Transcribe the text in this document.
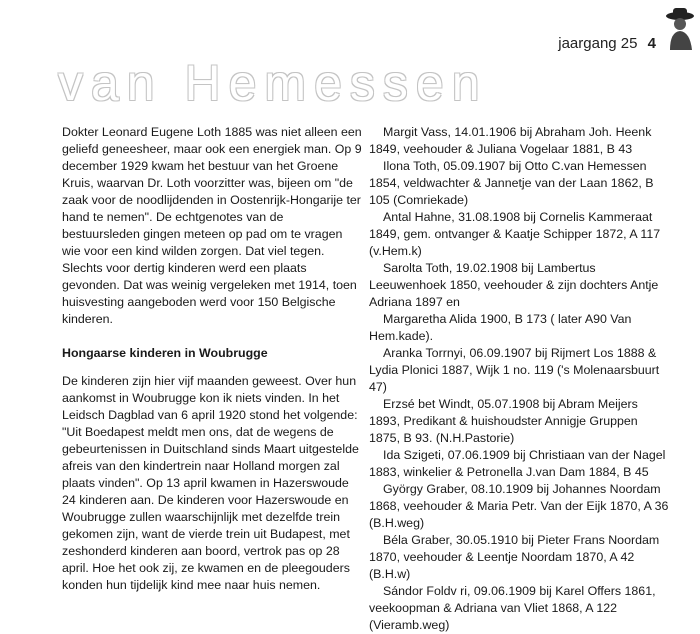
jaargang 25 4
van Hemessen

Dokter Leonard Eugene Loth 1885 was niet alleen een geliefd geneesheer, maar ook een energiek man. Op 9 december 1929 kwam het bestuur van het Groene Kruis, waarvan Dr. Loth voorzitter was, bijeen om "de zaak voor de noodlijdenden in Oostenrijk-Hongarije ter hand te nemen". De echtgenotes van de bestuursleden gingen meteen op pad om te vragen wie voor een kind wilden zorgen. Dat viel tegen. Slechts voor dertig kinderen werd een plaats gevonden. Dat was weinig vergeleken met 1914, toen huisvesting aangeboden werd voor 150 Belgische kinderen.

Hongaarse kinderen in Woubrugge

De kinderen zijn hier vijf maanden geweest. Over hun aankomst in Woubrugge kon ik niets vinden. In het Leidsch Dagblad van 6 april 1920 stond het volgende: "Uit Boedapest meldt men ons, dat de wegens de gebeurtenissen in Duitschland sinds Maart uitgestelde afreis van den kindertrein naar Holland morgen zal plaats vinden". Op 13 april kwamen in Hazerswoude 24 kinderen aan. De kinderen voor Hazerswoude en Woubrugge zullen waarschijnlijk met dezelfde trein gekomen zijn, want de vierde trein uit Budapest, met zeshonderd kinderen aan boord, vertrok pas op 28 april. Hoe het ook zij, ze kwamen en de pleegouders konden hun tijdelijk kind mee naar huis nemen.

Margit Vass, 14.01.1906 bij Abraham Joh. Heenk 1849, veehouder & Juliana Vogelaar 1881, B 43

Ilona Toth, 05.09.1907 bij Otto C.van Hemessen 1854, veldwachter & Jannetje van der Laan 1862, B 105 (Comriekade)

Antal Hahne, 31.08.1908 bij Cornelis Kammeraat 1849, gem. ontvanger & Kaatje Schipper 1872, A 117 (v.Hem.k)

Sarolta Toth, 19.02.1908 bij Lambertus Leeuwenhoek 1850, veehouder & zijn dochters Antje Adriana 1897 en

Margaretha Alida 1900, B 173 ( later A90 Van Hem.kade).

Aranka Torrnyi, 06.09.1907 bij Rijmert Los 1888 & Lydia Plonici 1887, Wijk 1 no. 119 ('s Molenaarsbuurt 47)

Erzsé bet Windt, 05.07.1908 bij Abram Meijers 1893, Predikant & huishoudster Annigje Gruppen 1875, B 93. (N.H.Pastorie)

Ida Szigeti, 07.06.1909 bij Christiaan van der Nagel 1883, winkelier & Petronella J.van Dam 1884, B 45

György Graber, 08.10.1909 bij Johannes Noordam 1868, veehouder & Maria Petr. Van der Eijk 1870, A 36 (B.H.weg)

Béla Graber, 30.05.1910 bij Pieter Frans Noordam 1870, veehouder & Leentje Noordam 1870, A 42 (B.H.w)

Sándor Foldv ri, 09.06.1909 bij Karel Offers 1861, veekoopman & Adriana van Vliet 1868, A 122 (Vieramb.weg)
